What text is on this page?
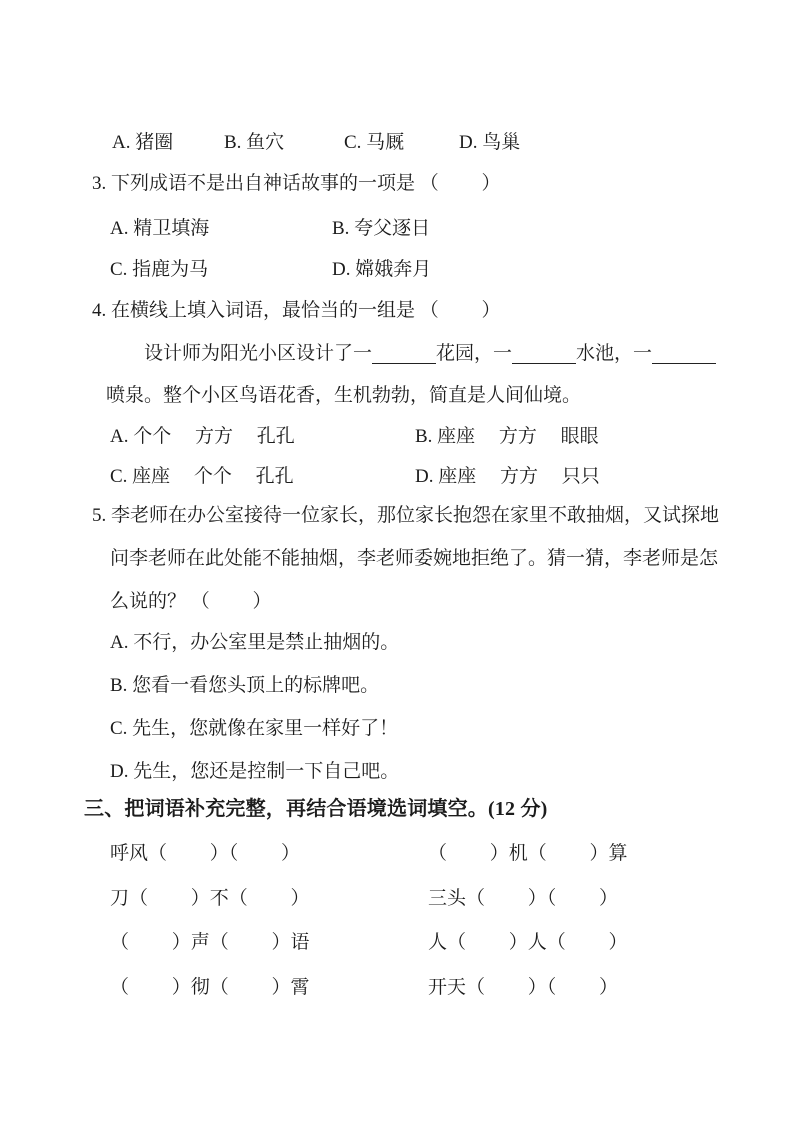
A. 猪圈	B. 鱼穴	C. 马厩	D. 鸟巢
3. 下列成语不是出自神话故事的一项是 （　　 ）
A. 精卫填海	B. 夸父逐日
C. 指鹿为马	D. 嫦娥奔月
4. 在横线上填入词语，最恰当的一组是 （　　 ）
设计师为阳光小区设计了一	花园，一	水池，一
喷泉。整个小区鸟语花香，生机勃勃，简直是人间仙境。
A. 个个　 方方　 孔孔	B. 座座　 方方　 眼眼
C. 座座　 个个　 孔孔	D. 座座　 方方　 只只
5. 李老师在办公室接待一位家长，那位家长抱怨在家里不敢抽烟，又试探地
问李老师在此处能不能抽烟，李老师委婉地拒绝了。猜一猜，李老师是怎
么说的？ （　　 ）
A. 不行，办公室里是禁止抽烟的。
B. 您看一看您头顶上的标牌吧。
C. 先生，您就像在家里一样好了！
D. 先生，您还是控制一下自己吧。
三、把词语补充完整，再结合语境选词填空。(12 分)
呼风（　　 ）（　　 ）	（　　 ）机（　　 ）算
刀（　　 ）不（　　 ）	三头（　　 ）（　　 ）
（　　 ）声（　　 ）语	人（　　 ）人（　　 ）
（　　 ）彻（　　 ）霄	开天（　　 ）（　　 ）
